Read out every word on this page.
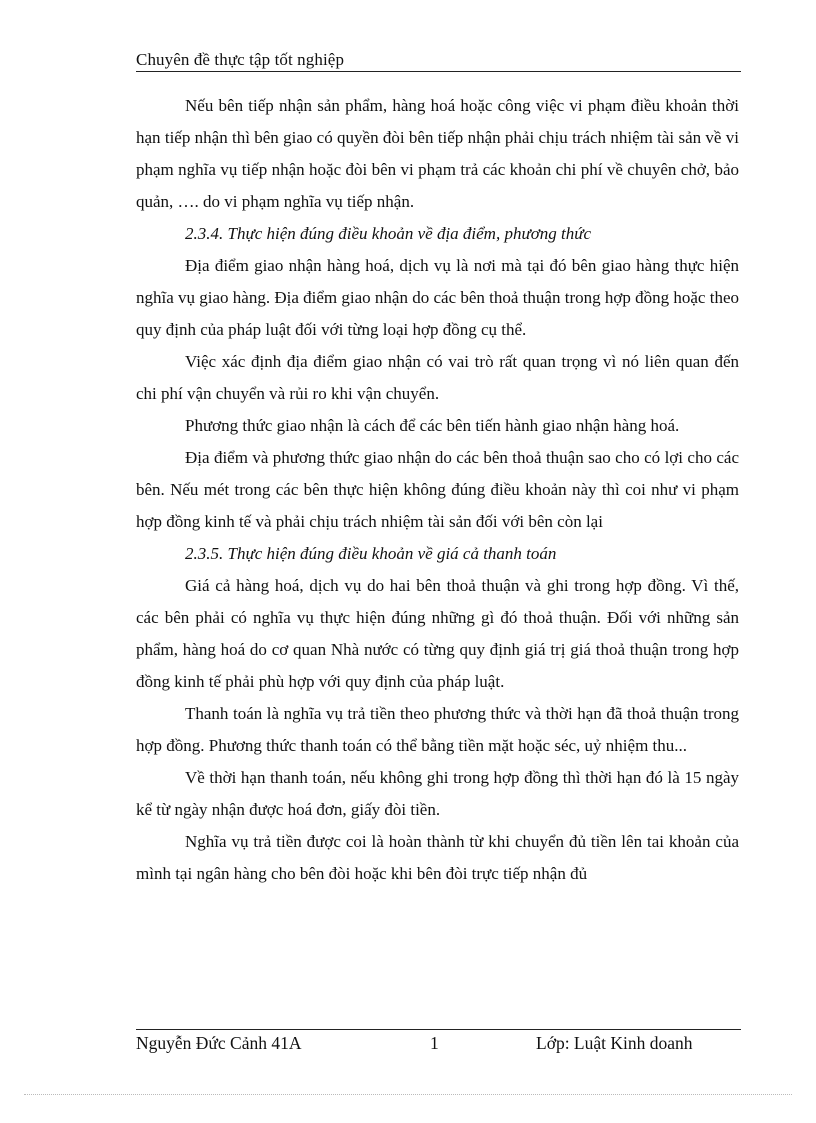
Chuyên đề thực tập tốt nghiệp

Nếu bên tiếp nhận sản phẩm, hàng hoá hoặc công việc vi phạm điều khoản thời hạn tiếp nhận thì bên giao có quyền đòi bên tiếp nhận phải chịu trách nhiệm tài sản về vi phạm nghĩa vụ tiếp nhận hoặc đòi bên vi phạm trả các khoản chi phí về chuyên chở, bảo quản, …. do vi phạm nghĩa vụ tiếp nhận.

2.3.4. Thực hiện đúng điều khoản về địa điểm, phương thức

Địa điểm giao nhận hàng hoá, dịch vụ là nơi mà tại đó bên giao hàng thực hiện nghĩa vụ giao hàng. Địa điểm giao nhận do các bên thoả thuận trong hợp đồng hoặc theo quy định của pháp luật đối với từng loại hợp đồng cụ thể.

Việc xác định địa điểm giao nhận có vai trò rất quan trọng vì nó liên quan đến chi phí vận chuyển và rủi ro khi vận chuyển.

Phương thức giao nhận là cách để các bên tiến hành giao nhận hàng hoá.

Địa điểm và phương thức giao nhận do các bên thoả thuận sao cho có lợi cho các bên. Nếu mét trong các bên thực hiện không đúng điều khoản này thì coi như vi phạm hợp đồng kinh tế và phải chịu trách nhiệm tài sản đối với bên còn lại

2.3.5. Thực hiện đúng điều khoản về giá cả thanh toán

Giá cả hàng hoá, dịch vụ do hai bên thoả thuận và ghi trong hợp đồng. Vì thế, các bên phải có nghĩa vụ thực hiện đúng những gì đó thoả thuận. Đối với những sản phẩm, hàng hoá do cơ quan Nhà nước có từng quy định giá trị giá thoả thuận trong hợp đồng kinh tế phải phù hợp với quy định của pháp luật.

Thanh toán là nghĩa vụ trả tiền theo phương thức và thời hạn đã thoả thuận trong hợp đồng. Phương thức thanh toán có thể bằng tiền mặt hoặc séc, uỷ nhiệm thu...

Về thời hạn thanh toán, nếu không ghi trong hợp đồng thì thời hạn đó là 15 ngày kể từ ngày nhận được hoá đơn, giấy đòi tiền.

Nghĩa vụ trả tiền được coi là hoàn thành từ khi chuyển đủ tiền lên tai khoản của mình tại ngân hàng cho bên đòi hoặc khi bên đòi trực tiếp nhận đủ

Nguyễn Đức Cảnh 41A	1	Lớp: Luật Kinh doanh
